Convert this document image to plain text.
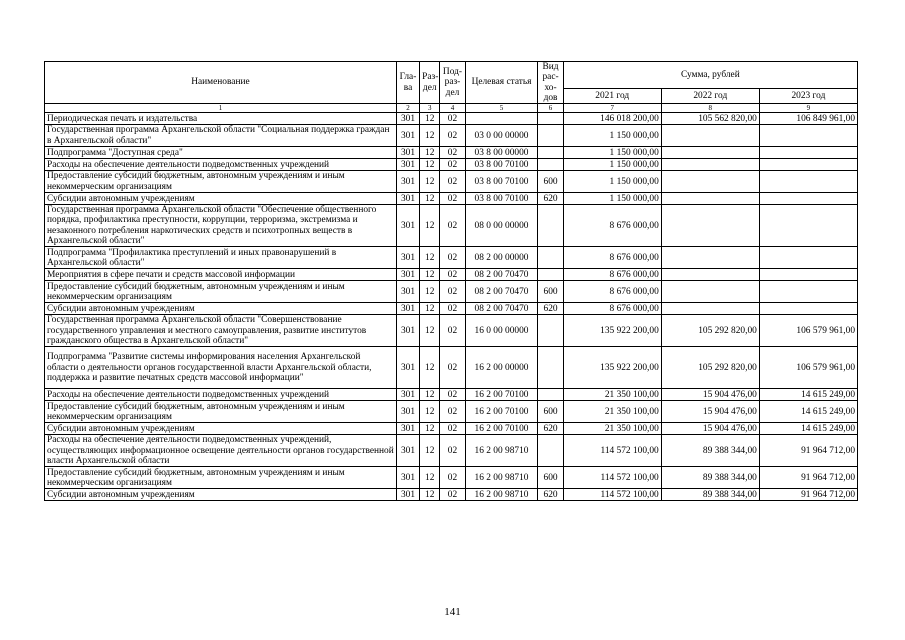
Наименование	Гла-ва	Раз-дел	Под-раз-дел	Целевая статья	Вид рас-хо-дов	Сумма, рублей		
						2021 год	2022 год	2023 год
1	2	3	4	5	6	7	8	9
Периодическая печать и издательства	301	12	02			146 018 200,00	105 562 820,00	106 849 961,00
Государственная программа Архангельской области "Социальная поддержка граждан в Архангельской области"	301	12	02	03 0 00 00000		1 150 000,00		
Подпрограмма "Доступная среда"	301	12	02	03 8 00 00000		1 150 000,00		
Расходы на обеспечение деятельности подведомственных учреждений	301	12	02	03 8 00 70100		1 150 000,00		
Предоставление субсидий бюджетным, автономным учреждениям и иным некоммерческим организациям	301	12	02	03 8 00 70100	600	1 150 000,00		
Субсидии автономным учреждениям	301	12	02	03 8 00 70100	620	1 150 000,00		
Государственная программа Архангельской области "Обеспечение общественного порядка, профилактика преступности, коррупции, терроризма, экстремизма и незаконного потребления наркотических средств и психотропных веществ в Архангельской области"	301	12	02	08 0 00 00000		8 676 000,00		
Подпрограмма "Профилактика преступлений и иных правонарушений в Архангельской области"	301	12	02	08 2 00 00000		8 676 000,00		
Мероприятия в сфере печати и средств массовой информации	301	12	02	08 2 00 70470		8 676 000,00		
Предоставление субсидий бюджетным, автономным учреждениям и иным некоммерческим организациям	301	12	02	08 2 00 70470	600	8 676 000,00		
Субсидии автономным учреждениям	301	12	02	08 2 00 70470	620	8 676 000,00		
Государственная программа Архангельской области "Совершенствование государственного управления и местного самоуправления, развитие институтов гражданского общества в Архангельской области"	301	12	02	16 0 00 00000		135 922 200,00	105 292 820,00	106 579 961,00
Подпрограмма "Развитие системы информирования населения Архангельской области о деятельности органов государственной власти Архангельской области, поддержка и развитие печатных средств массовой информации"	301	12	02	16 2 00 00000		135 922 200,00	105 292 820,00	106 579 961,00
Расходы на обеспечение деятельности подведомственных учреждений	301	12	02	16 2 00 70100		21 350 100,00	15 904 476,00	14 615 249,00
Предоставление субсидий бюджетным, автономным учреждениям и иным некоммерческим организациям	301	12	02	16 2 00 70100	600	21 350 100,00	15 904 476,00	14 615 249,00
Субсидии автономным учреждениям	301	12	02	16 2 00 70100	620	21 350 100,00	15 904 476,00	14 615 249,00
Расходы на обеспечение деятельности подведомственных учреждений, осуществляющих информационное освещение деятельности органов государственной власти Архангельской области	301	12	02	16 2 00 98710		114 572 100,00	89 388 344,00	91 964 712,00
Предоставление субсидий бюджетным, автономным учреждениям и иным некоммерческим организациям	301	12	02	16 2 00 98710	600	114 572 100,00	89 388 344,00	91 964 712,00
Субсидии автономным учреждениям	301	12	02	16 2 00 98710	620	114 572 100,00	89 388 344,00	91 964 712,00
141
